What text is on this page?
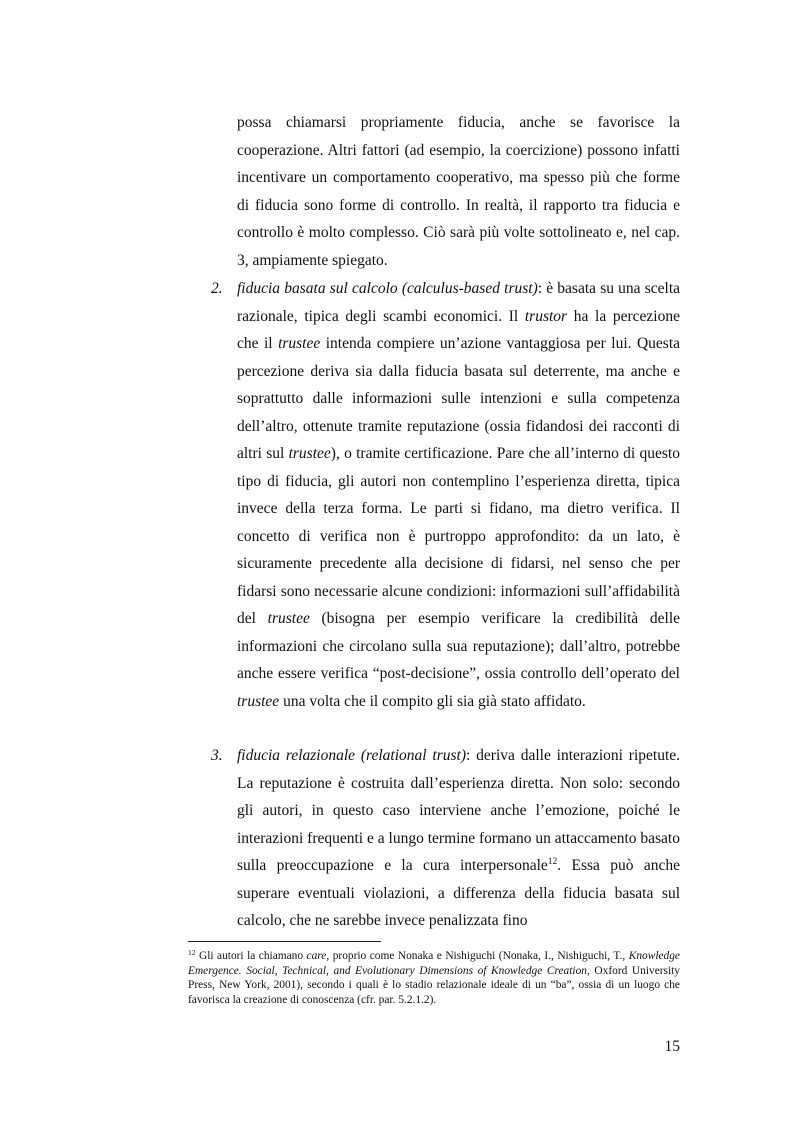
possa chiamarsi propriamente fiducia, anche se favorisce la cooperazione. Altri fattori (ad esempio, la coercizione) possono infatti incentivare un comportamento cooperativo, ma spesso più che forme di fiducia sono forme di controllo. In realtà, il rapporto tra fiducia e controllo è molto complesso. Ciò sarà più volte sottolineato e, nel cap. 3, ampiamente spiegato.

2. fiducia basata sul calcolo (calculus-based trust): è basata su una scelta razionale, tipica degli scambi economici. Il trustor ha la percezione che il trustee intenda compiere un’azione vantaggiosa per lui. Questa percezione deriva sia dalla fiducia basata sul deterrente, ma anche e soprattutto dalle informazioni sulle intenzioni e sulla competenza dell’altro, ottenute tramite reputazione (ossia fidandosi dei racconti di altri sul trustee), o tramite certificazione. Pare che all’interno di questo tipo di fiducia, gli autori non contemplino l’esperienza diretta, tipica invece della terza forma. Le parti si fidano, ma dietro verifica. Il concetto di verifica non è purtroppo approfondito: da un lato, è sicuramente precedente alla decisione di fidarsi, nel senso che per fidarsi sono necessarie alcune condizioni: informazioni sull’affidabilità del trustee (bisogna per esempio verificare la credibilità delle informazioni che circolano sulla sua reputazione); dall’altro, potrebbe anche essere verifica “post-decisione”, ossia controllo dell’operato del trustee una volta che il compito gli sia già stato affidato.

3. fiducia relazionale (relational trust): deriva dalle interazioni ripetute. La reputazione è costruita dall’esperienza diretta. Non solo: secondo gli autori, in questo caso interviene anche l’emozione, poiché le interazioni frequenti e a lungo termine formano un attaccamento basato sulla preoccupazione e la cura interpersonale$^{12}$. Essa può anche superare eventuali violazioni, a differenza della fiducia basata sul calcolo, che ne sarebbe invece penalizzata fino

$^{12}$ Gli autori la chiamano care, proprio come Nonaka e Nishiguchi (Nonaka, I., Nishiguchi, T., Knowledge Emergence. Social, Technical, and Evolutionary Dimensions of Knowledge Creation, Oxford University Press, New York, 2001), secondo i quali è lo stadio relazionale ideale di un “ba”, ossia di un luogo che favorisca la creazione di conoscenza (cfr. par. 5.2.1.2).

15
